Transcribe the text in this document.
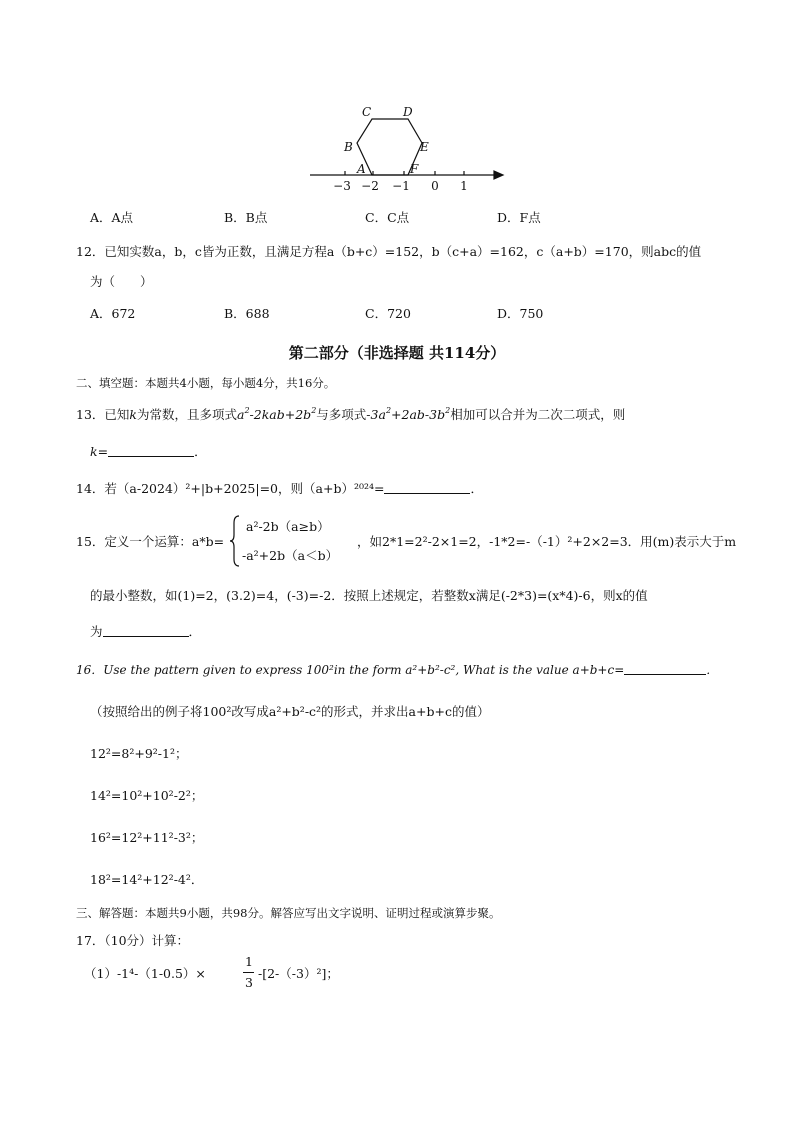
C	D
B	E
A	F
−3 −2 −1 0 1
A．A点	B．B点	C．C点	D．F点
12．已知实数a，b，c皆为正数，且满足方程a（b+c）=152，b（c+a）=162，c（a+b）=170，则abc的值
为（　　）
A．672	B．688	C．720	D．750
第二部分（非选择题 共114分）
二、填空题：本题共4小题，每小题4分，共16分。
13．已知k为常数，且多项式$a^2-2kab+2b^2$与多项式$-3a^2+2ab-3b^2$相加可以合并为二次二项式，则
k=	．
14．若（a-2024）²+|b+2025|=0，则（a+b）²⁰²⁴=	．
15．定义一个运算：a*b=
a²-2b（a≥b）
-a²+2b（a＜b）
，如2*1=2²-2×1=2，-1*2=-（-1）²+2×2=3．用(m)表示大于m
的最小整数，如(1)=2，(3.2)=4，(-3)=-2．按照上述规定，若整数x满足(-2*3)=(x*4)-6，则x的值
为	．
16．Use the pattern given to express 100²in the form a²+b²-c², What is the value a+b+c=	．
（按照给出的例子将100²改写成a²+b²-c²的形式，并求出a+b+c的值）
12²=8²+9²-1²；
14²=10²+10²-2²；
16²=12²+11²-3²；
18²=14²+12²-4²．
三、解答题：本题共9小题，共98分。解答应写出文字说明、证明过程或演算步聚。
17．（10分）计算：
（1）-1⁴-（1-0.5）×
1
3
-[2-（-3）²]；
